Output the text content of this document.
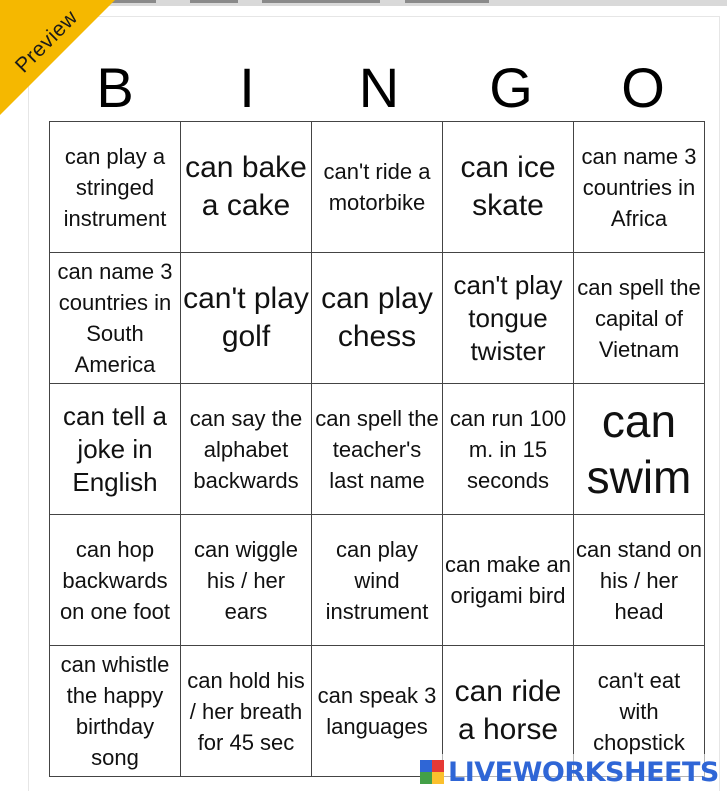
B	I	N	G	O
can play a stringed instrument	can bake a cake	can't ride a motorbike	can ice skate	can name 3 countries in Africa
can name 3 countries in South America	can't play golf	can play chess	can't play tongue twister	can spell the capital of Vietnam
can tell a joke in English	can say the alphabet backwards	can spell the teacher's last name	can run 100 m. in 15 seconds	can swim
can hop backwards on one foot	can wiggle his / her ears	can play wind instrument	can make an origami bird	can stand on his / her head
can whistle the happy birthday song	can hold his / her breath for 45 sec	can speak 3 languages	can ride a horse	can't eat with chopstick
LIVEWORKSHEETS
Preview
